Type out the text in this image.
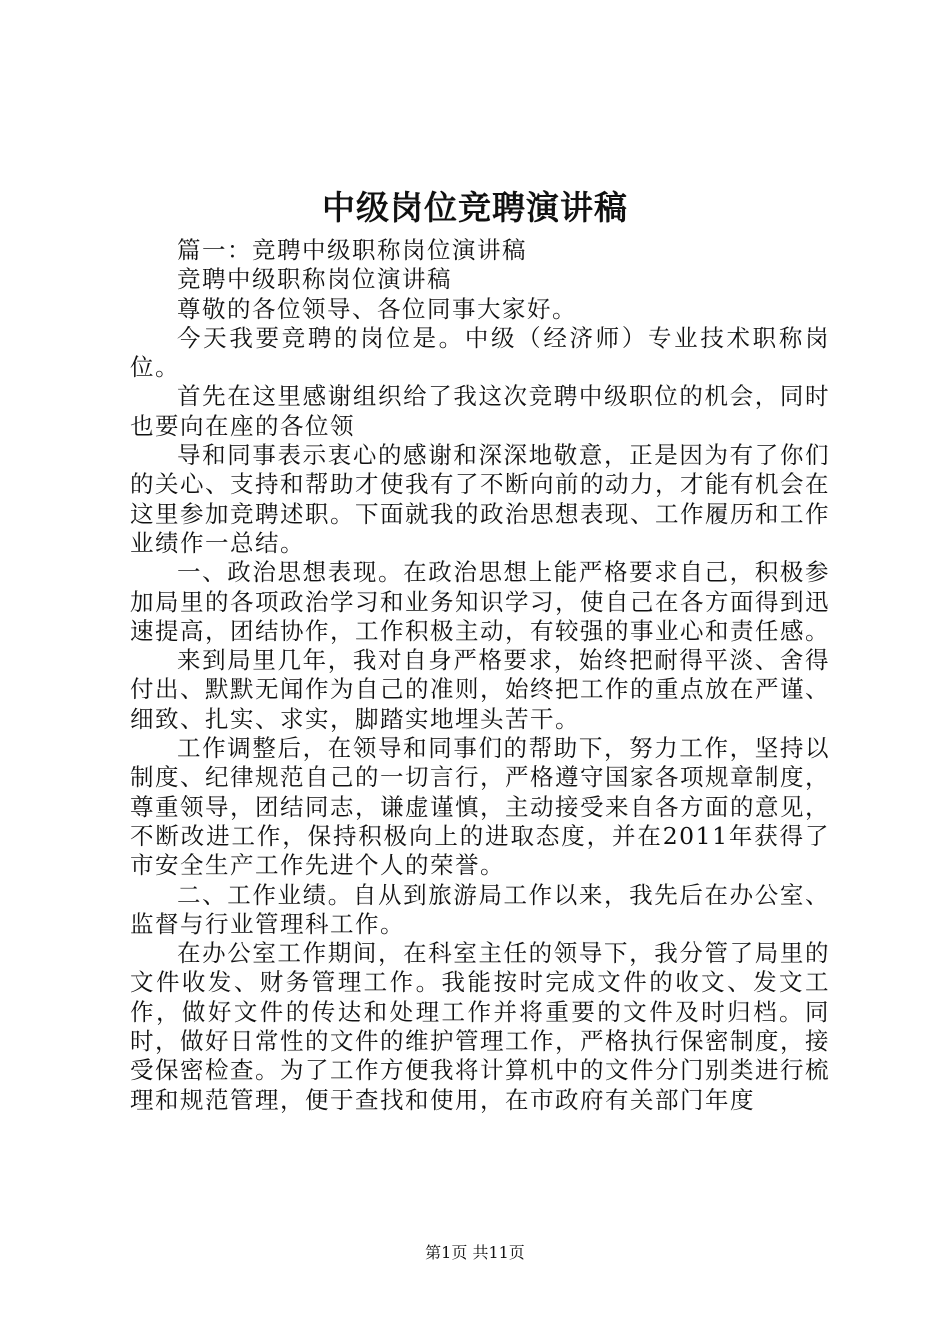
中级岗位竞聘演讲稿

篇一：竞聘中级职称岗位演讲稿

竞聘中级职称岗位演讲稿

尊敬的各位领导、各位同事大家好。

今天我要竞聘的岗位是。中级（经济师）专业技术职称岗位。

首先在这里感谢组织给了我这次竞聘中级职位的机会，同时也要向在座的各位领

导和同事表示衷心的感谢和深深地敬意，正是因为有了你们的关心、支持和帮助才使我有了不断向前的动力，才能有机会在这里参加竞聘述职。下面就我的政治思想表现、工作履历和工作业绩作一总结。

一、政治思想表现。在政治思想上能严格要求自己，积极参加局里的各项政治学习和业务知识学习，使自己在各方面得到迅速提高，团结协作，工作积极主动，有较强的事业心和责任感。

来到局里几年，我对自身严格要求，始终把耐得平淡、舍得付出、默默无闻作为自己的准则，始终把工作的重点放在严谨、细致、扎实、求实，脚踏实地埋头苦干。

工作调整后，在领导和同事们的帮助下，努力工作，坚持以制度、纪律规范自己的一切言行，严格遵守国家各项规章制度，尊重领导，团结同志，谦虚谨慎，主动接受来自各方面的意见，不断改进工作，保持积极向上的进取态度，并在2011年获得了市安全生产工作先进个人的荣誉。

二、工作业绩。自从到旅游局工作以来，我先后在办公室、监督与行业管理科工作。

在办公室工作期间，在科室主任的领导下，我分管了局里的文件收发、财务管理工作。我能按时完成文件的收文、发文工作，做好文件的传达和处理工作并将重要的文件及时归档。同时，做好日常性的文件的维护管理工作，严格执行保密制度，接受保密检查。为了工作方便我将计算机中的文件分门别类进行梳理和规范管理，便于查找和使用，在市政府有关部门年度

第1页 共11页
